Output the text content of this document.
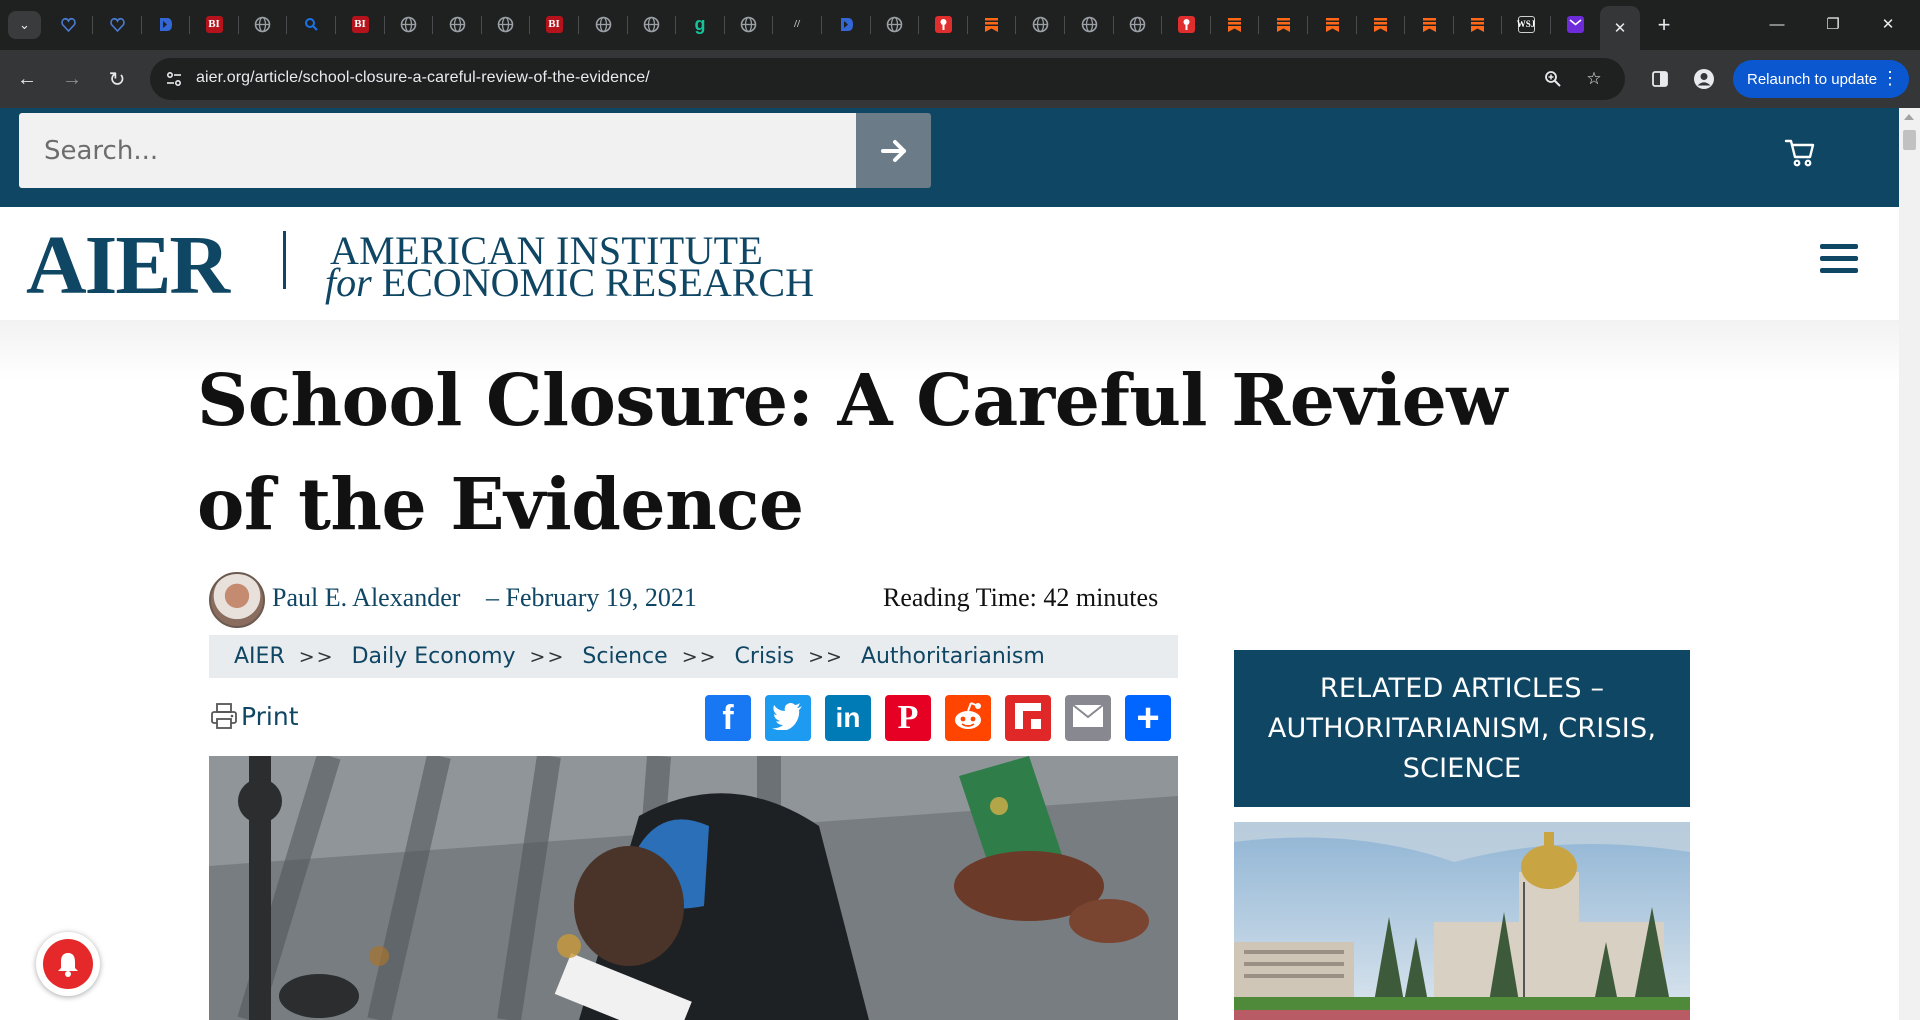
⌄	BI	BI	BI	g	//	WSJ	✕ +	—	❐	✕
← → ↻	aier.org/article/school-closure-a-careful-review-of-the-evidence/	☆	Relaunch to update ⋮
Search...
AIER	AMERICAN INSTITUTE
for ECONOMIC RESEARCH
School Closure: A Careful Review of the Evidence
Paul E. Alexander – February 19, 2021	Reading Time: 42 minutes
AIER >> Daily Economy >> Science >> Crisis >> Authoritarianism
Print	f	in P	+
RELATED ARTICLES – AUTHORITARIANISM, CRISIS, SCIENCE
